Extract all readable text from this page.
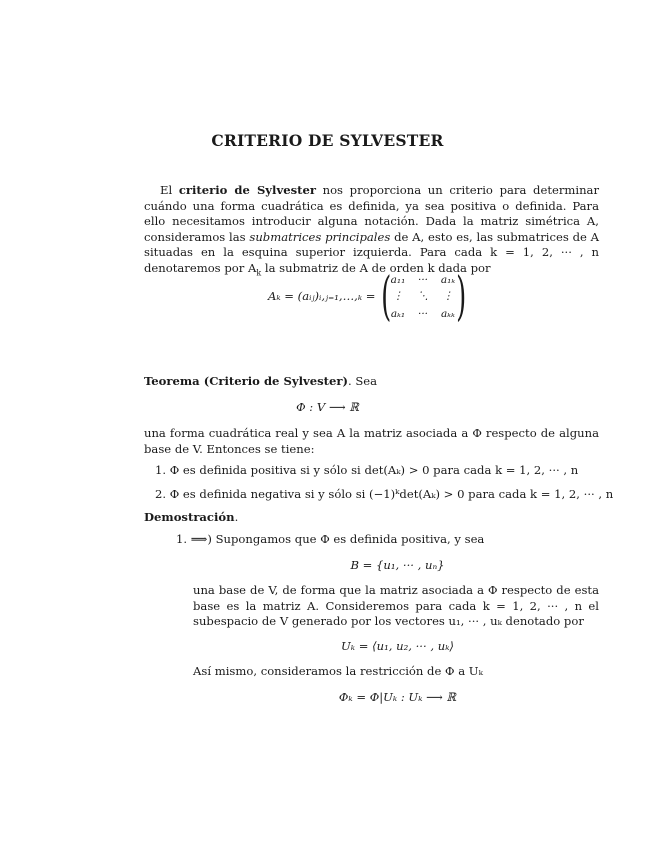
CRITERIO DE SYLVESTER
El criterio de Sylvester nos proporciona un criterio para determinar cuándo una forma cuadrática es definida, ya sea positiva o definida. Para ello necesitamos introducir alguna notación. Dada la matriz simétrica A, consideramos las submatrices principales de A, esto es, las submatrices de A situadas en la esquina superior izquierda. Para cada k = 1, 2, ··· , n denotaremos por $A_k$ la submatriz de A de orden k dada por
Aₖ = (aᵢⱼ)ᵢ,ⱼ₌₁,…,ₖ = ( )
a₁₁	···	a₁ₖ
⋮	⋱	⋮
aₖ₁	···	aₖₖ
Teorema (Criterio de Sylvester). Sea
Φ : V ⟶ ℝ
una forma cuadrática real y sea A la matriz asociada a Φ respecto de alguna base de V. Entonces se tiene:
1. Φ es definida positiva si y sólo si det(Aₖ) > 0 para cada k = 1, 2, ··· , n
2. Φ es definida negativa si y sólo si (−1)ᵏdet(Aₖ) > 0 para cada k = 1, 2, ··· , n
Demostración.
1. ⟹) Supongamos que Φ es definida positiva, y sea
B = {u₁, ··· , uₙ}
una base de V, de forma que la matriz asociada a Φ respecto de esta base es la matriz A. Consideremos para cada k = 1, 2, ··· , n el subespacio de V generado por los vectores u₁, ··· , uₖ denotado por
Uₖ = ⟨u₁, u₂, ··· , uₖ⟩
Así mismo, consideramos la restricción de Φ a Uₖ
Φₖ = Φ|Uₖ : Uₖ ⟶ ℝ
